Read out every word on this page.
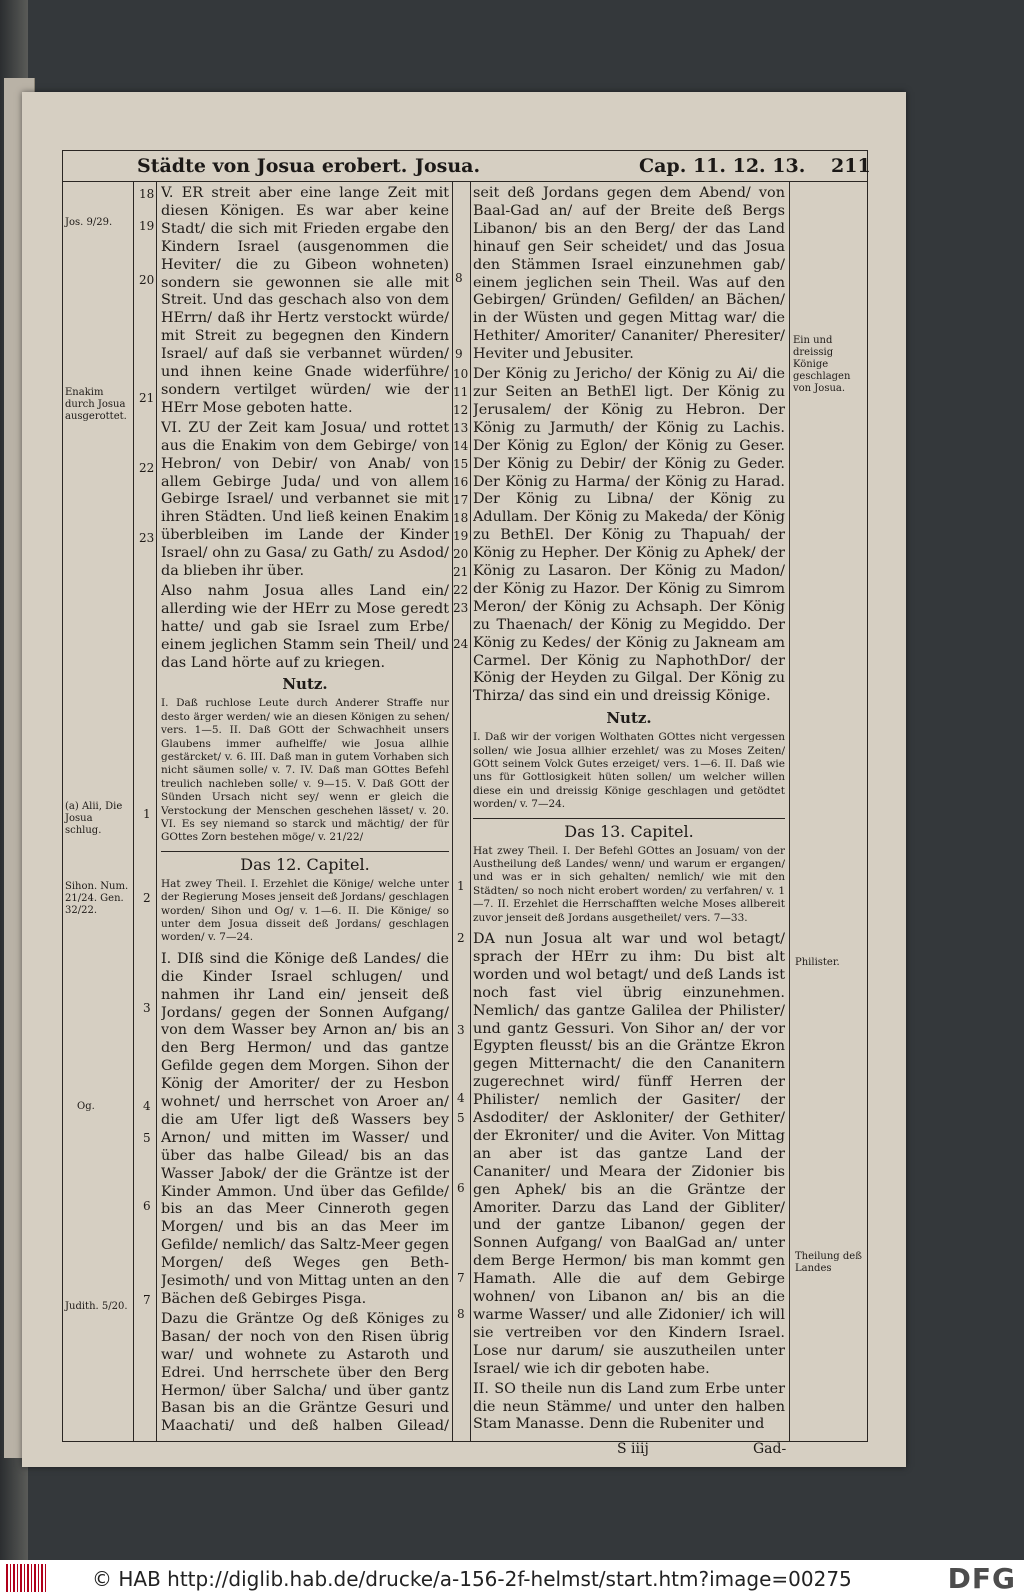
Städte von Josua erobert. Josua.	Cap. 11. 12. 13. 211
Jos. 9/29.
Enakim durch Josua ausgerottet.
(a) Alii, Die Josua schlug.
Sihon. Num. 21/24. Gen. 32/22.
Og.
Judith. 5/20.
Ein und dreissig Könige geschlagen von Josua.
Philister.
Theilung deß Landes
18
19
20
21
22
23
1
2
3
4
5
6
7
8
9
10
11
12
13
14
15
16
17
18
19
20
21
22
23
24
1
2
3
4
5
6
7
8

V. ER streit aber eine lange Zeit mit diesen Königen. Es war aber keine Stadt/ die sich mit Frieden ergabe den Kindern Israel (ausgenommen die Heviter/ die zu Gibeon wohneten) sondern sie gewonnen sie alle mit Streit. Und das geschach also von dem HErrn/ daß ihr Hertz verstockt würde/ mit Streit zu begegnen den Kindern Israel/ auf daß sie verbannet würden/ und ihnen keine Gnade widerführe/ sondern vertilget würden/ wie der HErr Mose geboten hatte.

VI. ZU der Zeit kam Josua/ und rottet aus die Enakim von dem Gebirge/ von Hebron/ von Debir/ von Anab/ von allem Gebirge Juda/ und von allem Gebirge Israel/ und verbannet sie mit ihren Städten. Und ließ keinen Enakim überbleiben im Lande der Kinder Israel/ ohn zu Gasa/ zu Gath/ zu Asdod/ da blieben ihr über.

Also nahm Josua alles Land ein/ allerding wie der HErr zu Mose geredt hatte/ und gab sie Israel zum Erbe/ einem jeglichen Stamm sein Theil/ und das Land hörte auf zu kriegen.

Nutz.

I. Daß ruchlose Leute durch Anderer Straffe nur desto ärger werden/ wie an diesen Königen zu sehen/ vers. 1—5. II. Daß GOtt der Schwachheit unsers Glaubens immer aufhelffe/ wie Josua allhie gestärcket/ v. 6. III. Daß man in gutem Vorhaben sich nicht säumen solle/ v. 7. IV. Daß man GOttes Befehl treulich nachleben solle/ v. 9—15. V. Daß GOtt der Sünden Ursach nicht sey/ wenn er gleich die Verstockung der Menschen geschehen lässet/ v. 20. VI. Es sey niemand so starck und mächtig/ der für GOttes Zorn bestehen möge/ v. 21/22/

Das 12. Capitel.

Hat zwey Theil. I. Erzehlet die Könige/ welche unter der Regierung Moses jenseit deß Jordans/ geschlagen worden/ Sihon und Og/ v. 1—6. II. Die Könige/ so unter dem Josua disseit deß Jordans/ geschlagen worden/ v. 7—24.

I. DIß sind die Könige deß Landes/ die die Kinder Israel schlugen/ und nahmen ihr Land ein/ jenseit deß Jordans/ gegen der Sonnen Aufgang/ von dem Wasser bey Arnon an/ bis an den Berg Hermon/ und das gantze Gefilde gegen dem Morgen. Sihon der König der Amoriter/ der zu Hesbon wohnet/ und herrschet von Aroer an/ die am Ufer ligt deß Wassers bey Arnon/ und mitten im Wasser/ und über das halbe Gilead/ bis an das Wasser Jabok/ der die Gräntze ist der Kinder Ammon. Und über das Gefilde/ bis an das Meer Cinneroth gegen Morgen/ und bis an das Meer im Gefilde/ nemlich/ das Saltz-Meer gegen Morgen/ deß Weges gen Beth-Jesimoth/ und von Mittag unten an den Bächen deß Gebirges Pisga.

Dazu die Gräntze Og deß Königes zu Basan/ der noch von den Risen übrig war/ und wohnete zu Astaroth und Edrei. Und herrschete über den Berg Hermon/ über Salcha/ und über gantz Basan bis an die Gräntze Gesuri und Maachati/ und deß halben Gilead/

seit deß Jordans gegen dem Abend/ von Baal-Gad an/ auf der Breite deß Bergs Libanon/ bis an den Berg/ der das Land hinauf gen Seir scheidet/ und das Josua den Stämmen Israel einzunehmen gab/ einem jeglichen sein Theil. Was auf den Gebirgen/ Gründen/ Gefilden/ an Bächen/ in der Wüsten und gegen Mittag war/ die Hethiter/ Amoriter/ Cananiter/ Pheresiter/ Heviter und Jebusiter.

Der König zu Jericho/ der König zu Ai/ die zur Seiten an BethEl ligt. Der König zu Jerusalem/ der König zu Hebron. Der König zu Jarmuth/ der König zu Lachis. Der König zu Eglon/ der König zu Geser. Der König zu Debir/ der König zu Geder. Der König zu Harma/ der König zu Harad. Der König zu Libna/ der König zu Adullam. Der König zu Makeda/ der König zu BethEl. Der König zu Thapuah/ der König zu Hepher. Der König zu Aphek/ der König zu Lasaron. Der König zu Madon/ der König zu Hazor. Der König zu Simrom Meron/ der König zu Achsaph. Der König zu Thaenach/ der König zu Megiddo. Der König zu Kedes/ der König zu Jakneam am Carmel. Der König zu NaphothDor/ der König der Heyden zu Gilgal. Der König zu Thirza/ das sind ein und dreissig Könige.

Nutz.

I. Daß wir der vorigen Wolthaten GOttes nicht vergessen sollen/ wie Josua allhier erzehlet/ was zu Moses Zeiten/ GOtt seinem Volck Gutes erzeiget/ vers. 1—6. II. Daß wie uns für Gottlosigkeit hüten sollen/ um welcher willen diese ein und dreissig Könige geschlagen und getödtet worden/ v. 7—24.

Das 13. Capitel.

Hat zwey Theil. I. Der Befehl GOttes an Josuam/ von der Austheilung deß Landes/ wenn/ und warum er ergangen/ und was er in sich gehalten/ nemlich/ wie mit den Städten/ so noch nicht erobert worden/ zu verfahren/ v. 1—7. II. Erzehlet die Herrschafften welche Moses allbereit zuvor jenseit deß Jordans ausgetheilet/ vers. 7—33.

DA nun Josua alt war und wol betagt/ sprach der HErr zu ihm: Du bist alt worden und wol betagt/ und deß Lands ist noch fast viel übrig einzunehmen. Nemlich/ das gantze Galilea der Philister/ und gantz Gessuri. Von Sihor an/ der vor Egypten fleusst/ bis an die Gräntze Ekron gegen Mitternacht/ die den Cananitern zugerechnet wird/ fünff Herren der Philister/ nemlich der Gasiter/ der Asdoditer/ der Askloniter/ der Gethiter/ der Ekroniter/ und die Aviter. Von Mittag an aber ist das gantze Land der Cananiter/ und Meara der Zidonier bis gen Aphek/ bis an die Gräntze der Amoriter. Darzu das Land der Gibliter/ und der gantze Libanon/ gegen der Sonnen Aufgang/ von BaalGad an/ unter dem Berge Hermon/ bis man kommt gen Hamath. Alle die auf dem Gebirge wohnen/ von Libanon an/ bis an die warme Wasser/ und alle Zidonier/ ich will sie vertreiben vor den Kindern Israel. Lose nur darum/ sie auszutheilen unter Israel/ wie ich dir geboten habe.

II. SO theile nun dis Land zum Erbe unter die neun Stämme/ und unter den halben Stam Manasse. Denn die Rubeniter und

S iiij	Gad-
© HAB http://diglib.hab.de/drucke/a-156-2f-helmst/start.htm?image=00275	DFG
